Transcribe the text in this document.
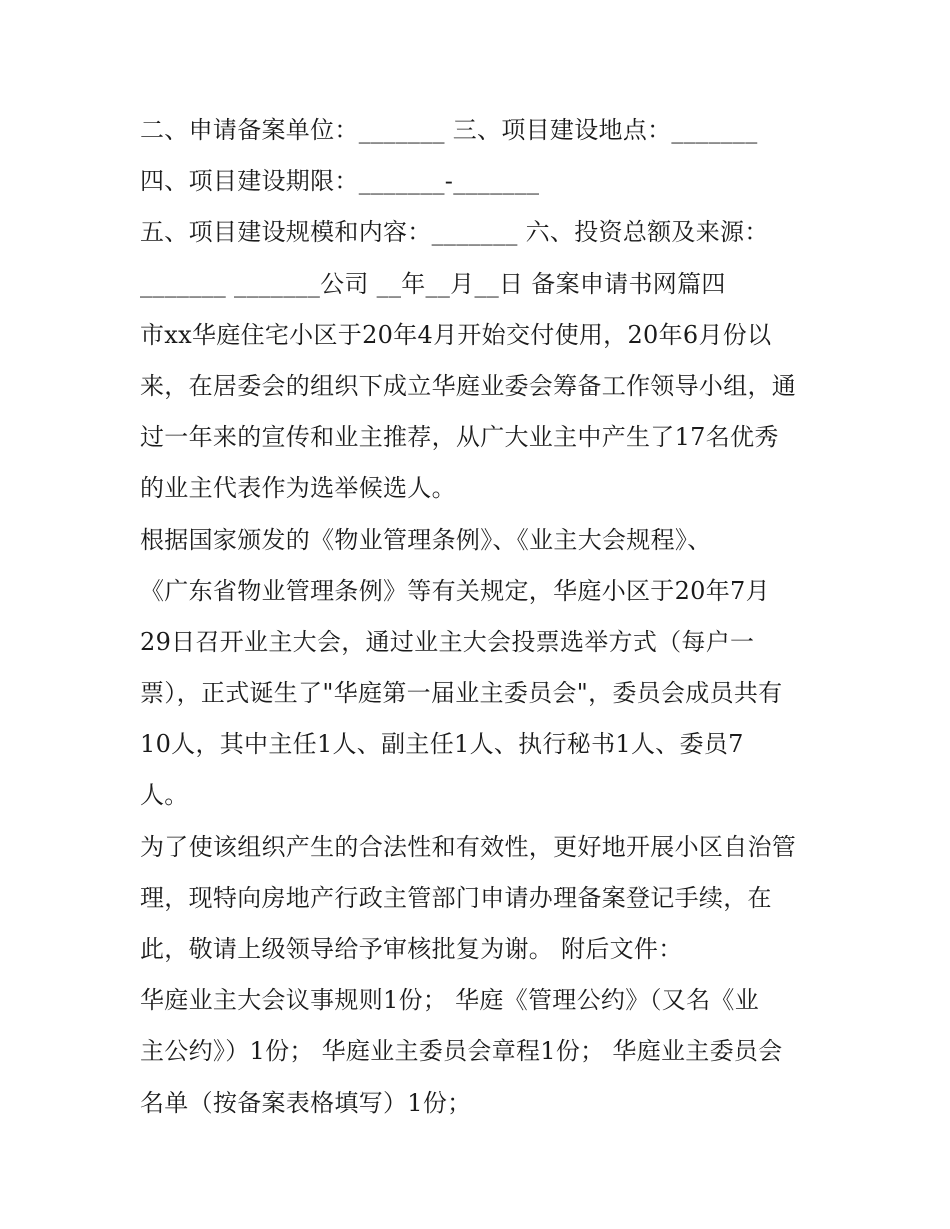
二、申请备案单位：_______ 三、项目建设地点：_______
四、项目建设期限：_______-_______
五、项目建设规模和内容：_______ 六、投资总额及来源：
_______ _______公司 __年__月__日 备案申请书网篇四
市xx华庭住宅小区于20年4月开始交付使用，20年6月份以
来，在居委会的组织下成立华庭业委会筹备工作领导小组，通
过一年来的宣传和业主推荐，从广大业主中产生了17名优秀
的业主代表作为选举候选人。
根据国家颁发的《物业管理条例》、《业主大会规程》、
《广东省物业管理条例》等有关规定，华庭小区于20年7月
29日召开业主大会，通过业主大会投票选举方式（每户一
票），正式诞生了"华庭第一届业主委员会"，委员会成员共有
10人，其中主任1人、副主任1人、执行秘书1人、委员7
人。
为了使该组织产生的合法性和有效性，更好地开展小区自治管
理，现特向房地产行政主管部门申请办理备案登记手续，在
此，敬请上级领导给予审核批复为谢。 附后文件：
华庭业主大会议事规则1份； 华庭《管理公约》（又名《业
主公约》）1份； 华庭业主委员会章程1份； 华庭业主委员会
名单（按备案表格填写）1份；
